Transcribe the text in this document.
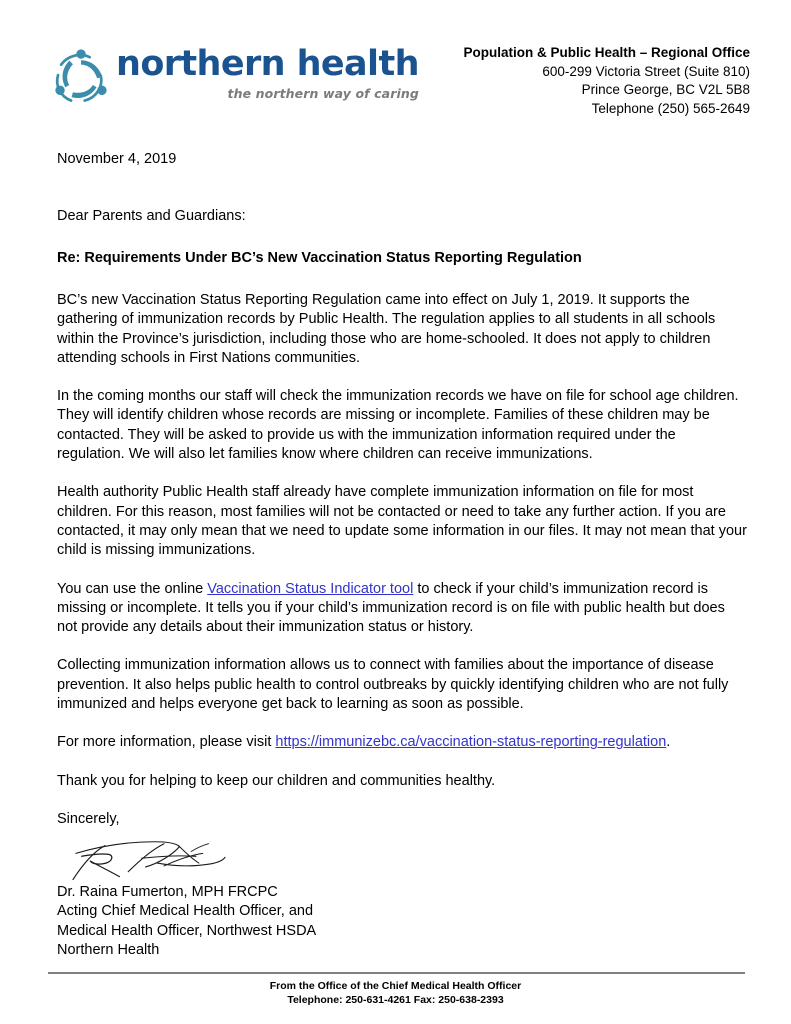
northern health
the northern way of caring
Population & Public Health – Regional Office
600-299 Victoria Street (Suite 810)
Prince George, BC V2L 5B8
Telephone (250) 565-2649
November 4, 2019
Dear Parents and Guardians:
Re: Requirements Under BC’s New Vaccination Status Reporting Regulation

BC’s new Vaccination Status Reporting Regulation came into effect on July 1, 2019. It supports the gathering of immunization records by Public Health. The regulation applies to all students in all schools within the Province’s jurisdiction, including those who are home-schooled. It does not apply to children attending schools in First Nations communities.

In the coming months our staff will check the immunization records we have on file for school age children. They will identify children whose records are missing or incomplete. Families of these children may be contacted. They will be asked to provide us with the immunization information required under the regulation. We will also let families know where children can receive immunizations.

Health authority Public Health staff already have complete immunization information on file for most children. For this reason, most families will not be contacted or need to take any further action. If you are contacted, it may only mean that we need to update some information in our files. It may not mean that your child is missing immunizations.

You can use the online Vaccination Status Indicator tool to check if your child’s immunization record is missing or incomplete. It tells you if your child’s immunization record is on file with public health but does not provide any details about their immunization status or history.

Collecting immunization information allows us to connect with families about the importance of disease prevention. It also helps public health to control outbreaks by quickly identifying children who are not fully immunized and helps everyone get back to learning as soon as possible.

For more information, please visit https://immunizebc.ca/vaccination-status-reporting-regulation.

Thank you for helping to keep our children and communities healthy.

Sincerely,
Dr. Raina Fumerton, MPH FRCPC
Acting Chief Medical Health Officer, and
Medical Health Officer, Northwest HSDA
Northern Health
From the Office of the Chief Medical Health Officer
Telephone: 250-631-4261 Fax: 250-638-2393
